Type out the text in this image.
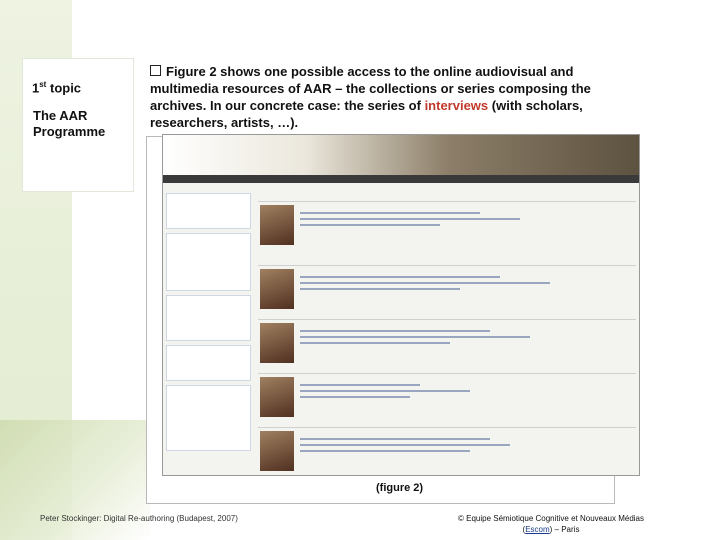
1st topic
The AAR
Programme
Figure 2 shows one possible access to the online audiovisual and multimedia resources of AAR – the collections or series composing the archives. In our concrete case: the series of interviews (with scholars, researchers, artists, …).
(figure 2)
Peter Stockinger: Digital Re-authoring (Budapest, 2007)	© Equipe Sémiotique Cognitive et Nouveaux Médias
(Escom) – Paris
